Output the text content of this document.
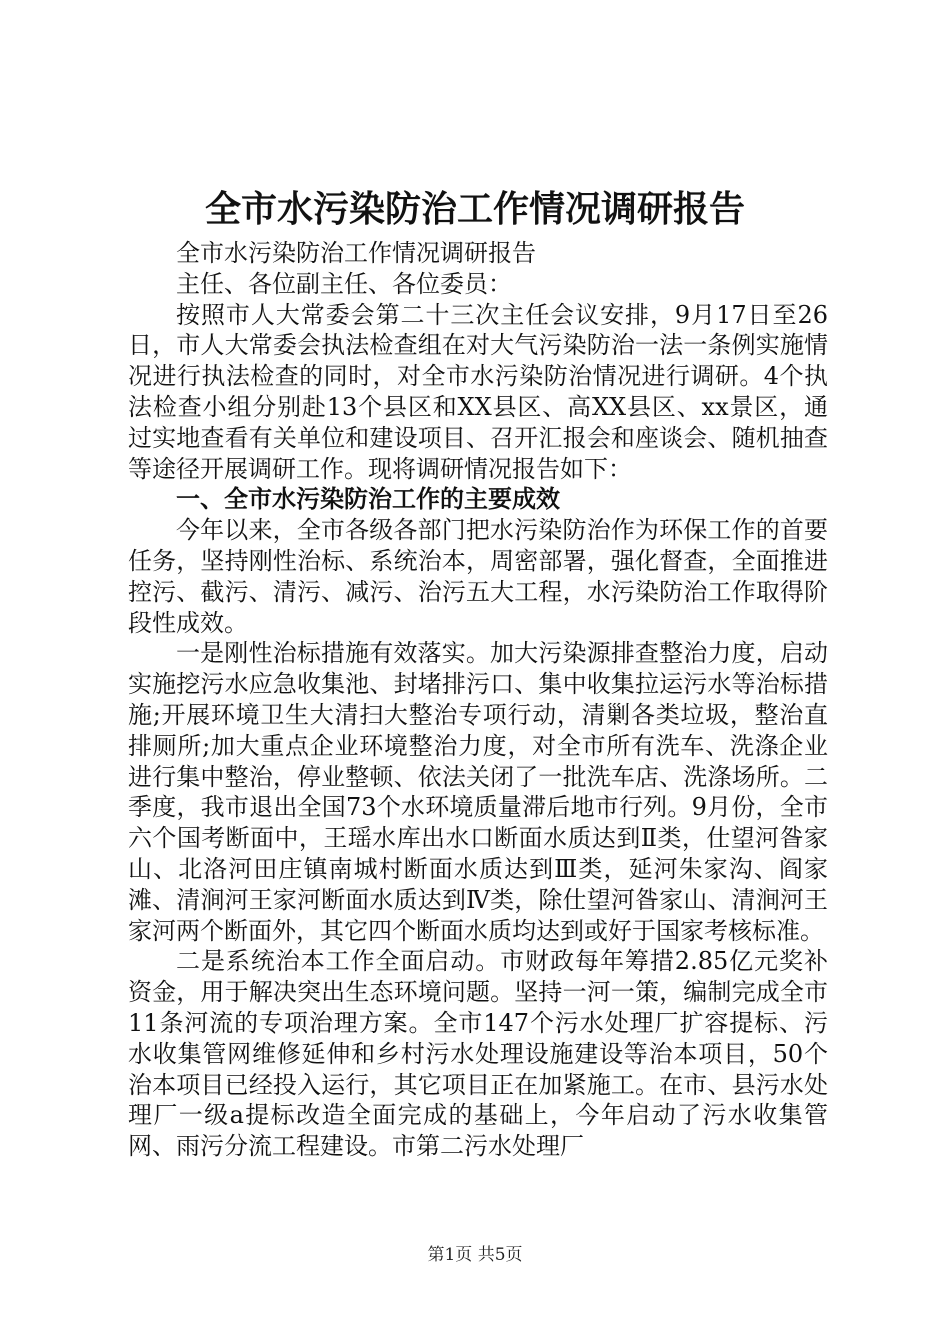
全市水污染防治工作情况调研报告

全市水污染防治工作情况调研报告

主任、各位副主任、各位委员：

按照市人大常委会第二十三次主任会议安排，9月17日至26日，市人大常委会执法检查组在对大气污染防治一法一条例实施情况进行执法检查的同时，对全市水污染防治情况进行调研。4个执法检查小组分别赴13个县区和XX县区、高XX县区、xx景区，通过实地查看有关单位和建设项目、召开汇报会和座谈会、随机抽查等途径开展调研工作。现将调研情况报告如下：

一、全市水污染防治工作的主要成效

今年以来，全市各级各部门把水污染防治作为环保工作的首要任务，坚持刚性治标、系统治本，周密部署，强化督查，全面推进控污、截污、清污、减污、治污五大工程，水污染防治工作取得阶段性成效。

一是刚性治标措施有效落实。加大污染源排查整治力度，启动实施挖污水应急收集池、封堵排污口、集中收集拉运污水等治标措施;开展环境卫生大清扫大整治专项行动，清剿各类垃圾，整治直排厕所;加大重点企业环境整治力度，对全市所有洗车、洗涤企业进行集中整治，停业整顿、依法关闭了一批洗车店、洗涤场所。二季度，我市退出全国73个水环境质量滞后地市行列。9月份，全市六个国考断面中，王瑶水库出水口断面水质达到Ⅱ类，仕望河昝家山、北洛河田庄镇南城村断面水质达到Ⅲ类，延河朱家沟、阎家滩、清涧河王家河断面水质达到Ⅳ类，除仕望河昝家山、清涧河王家河两个断面外，其它四个断面水质均达到或好于国家考核标准。

二是系统治本工作全面启动。市财政每年筹措2.85亿元奖补资金，用于解决突出生态环境问题。坚持一河一策，编制完成全市11条河流的专项治理方案。全市147个污水处理厂扩容提标、污水收集管网维修延伸和乡村污水处理设施建设等治本项目，50个治本项目已经投入运行，其它项目正在加紧施工。在市、县污水处理厂一级a提标改造全面完成的基础上，今年启动了污水收集管网、雨污分流工程建设。市第二污水处理厂

第1页 共5页
